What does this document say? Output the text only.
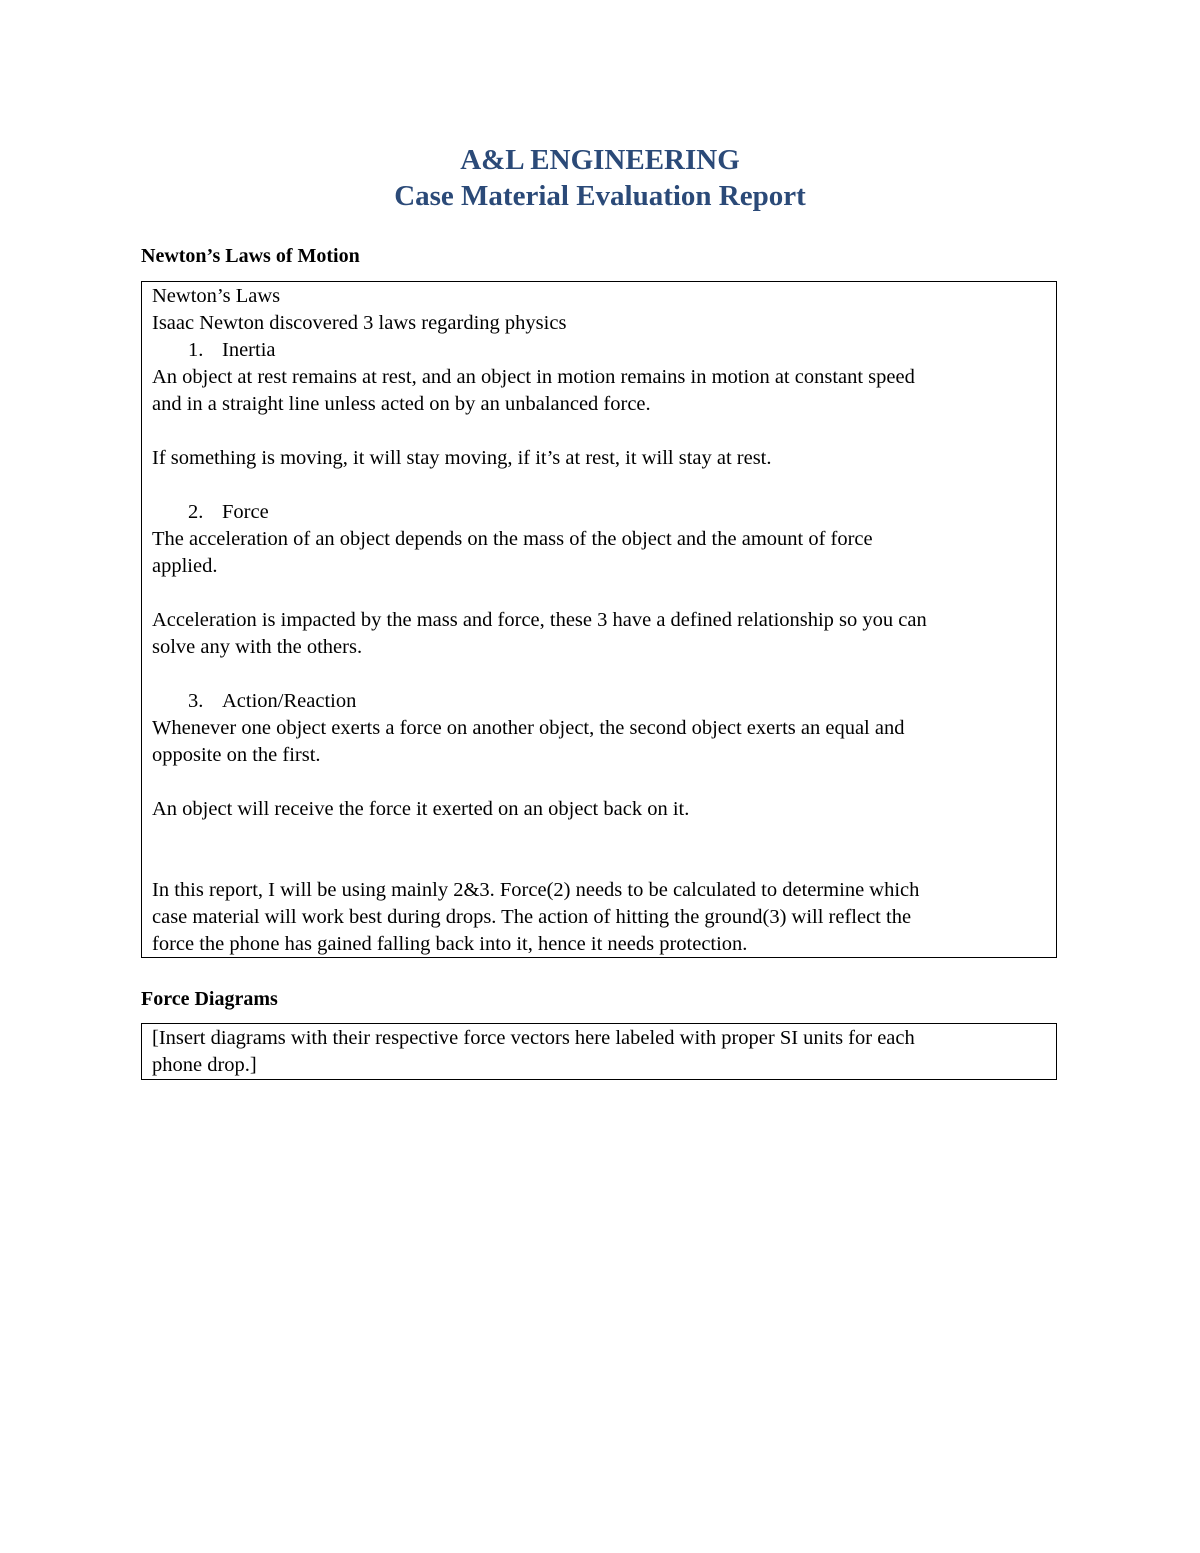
A&L ENGINEERING
Case Material Evaluation Report
Newton’s Laws of Motion
Newton’s Laws
Isaac Newton discovered 3 laws regarding physics
1. Inertia
An object at rest remains at rest, and an object in motion remains in motion at constant speed
and in a straight line unless acted on by an unbalanced force.
If something is moving, it will stay moving, if it’s at rest, it will stay at rest.
2. Force
The acceleration of an object depends on the mass of the object and the amount of force
applied.
Acceleration is impacted by the mass and force, these 3 have a defined relationship so you can
solve any with the others.
3. Action/Reaction
Whenever one object exerts a force on another object, the second object exerts an equal and
opposite on the first.
An object will receive the force it exerted on an object back on it.
In this report, I will be using mainly 2&3. Force(2) needs to be calculated to determine which
case material will work best during drops. The action of hitting the ground(3) will reflect the
force the phone has gained falling back into it, hence it needs protection.
Force Diagrams
[Insert diagrams with their respective force vectors here labeled with proper SI units for each
phone drop.]
